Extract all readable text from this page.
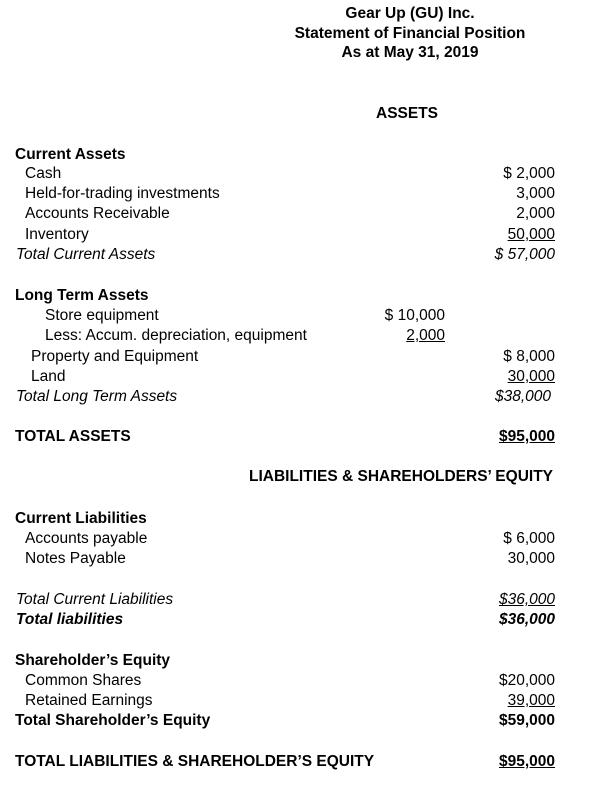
Gear Up (GU) Inc.
Statement of Financial Position
As at May 31, 2019
ASSETS
Current Assets
Cash	$ 2,000
Held-for-trading investments	3,000
Accounts Receivable	2,000
Inventory	50,000
Total Current Assets	$ 57,000
Long Term Assets
Store equipment	$ 10,000
Less: Accum. depreciation, equipment	2,000
Property and Equipment	$ 8,000
Land	30,000
Total Long Term Assets	$38,000
TOTAL ASSETS	$95,000
LIABILITIES & SHAREHOLDERS’ EQUITY
Current Liabilities
Accounts payable	$ 6,000
Notes Payable	30,000
Total Current Liabilities	$36,000
Total liabilities	$36,000
Shareholder’s Equity
Common Shares	$20,000
Retained Earnings	39,000
Total Shareholder’s Equity	$59,000
TOTAL LIABILITIES & SHAREHOLDER’S EQUITY	$95,000
